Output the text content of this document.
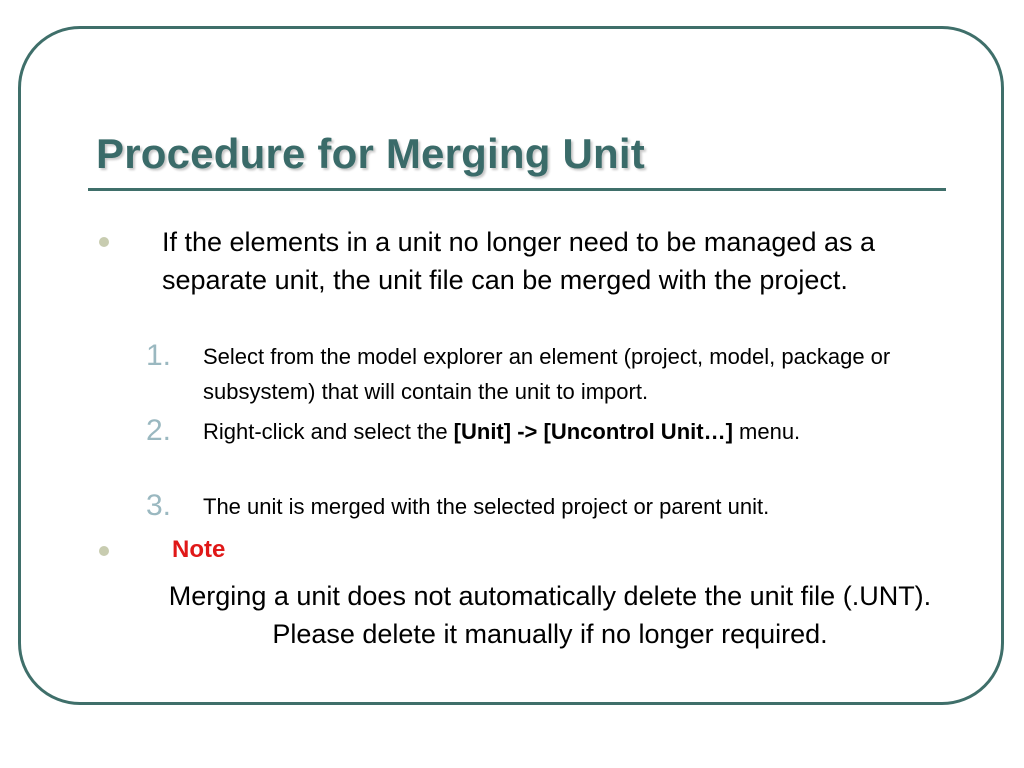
Procedure for Merging Unit

If the elements in a unit no longer need to be managed as a separate unit, the unit file can be merged with the project.

1. Select from the model explorer an element (project, model, package or subsystem) that will contain the unit to import.

2. Right-click and select the [Unit] -> [Uncontrol Unit…] menu.

3. The unit is merged with the selected project or parent unit.

Note

Merging a unit does not automatically delete the unit file (.UNT). Please delete it manually if no longer required.
